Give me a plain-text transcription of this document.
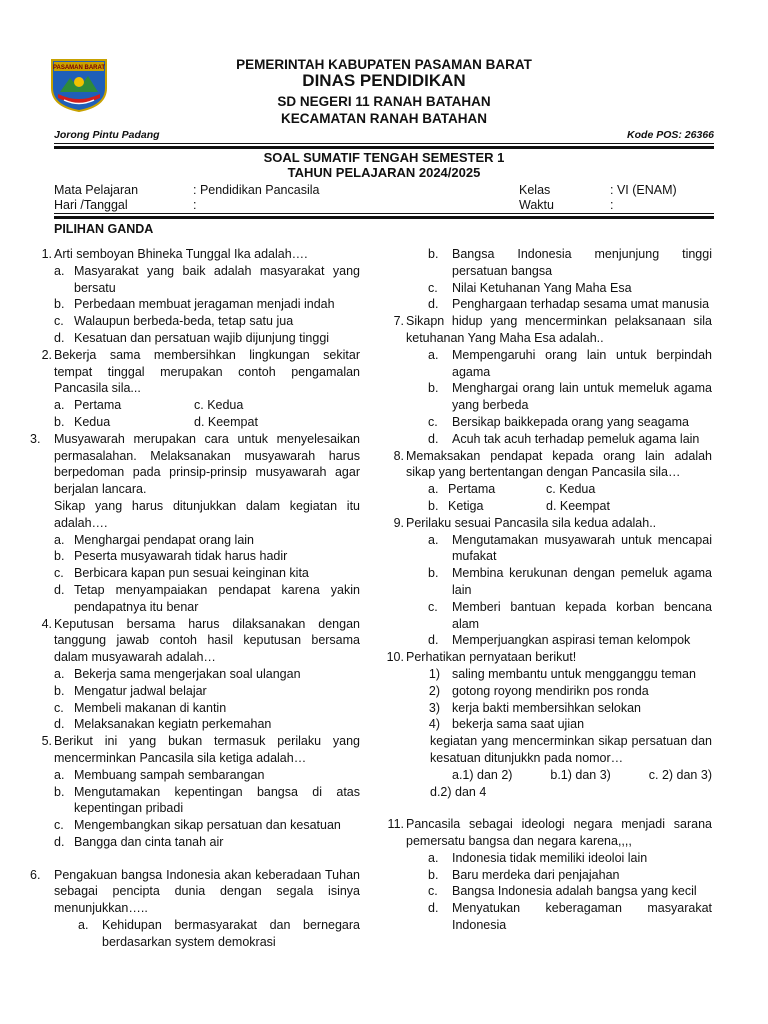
PASAMAN BARAT	PEMERINTAH KABUPATEN PASAMAN BARAT
DINAS PENDIDIKAN
SD NEGERI 11 RANAH BATAHAN
KECAMATAN RANAH BATAHAN
Jorong Pintu Padang	Kode POS: 26366
SOAL SUMATIF TENGAH SEMESTER 1
TAHUN PELAJARAN 2024/2025
Mata Pelajaran	: Pendidikan Pancasila
Hari /Tanggal	:
Kelas	: VI (ENAM)
Waktu	:
PILIHAN GANDA
1. Arti semboyan Bhineka Tunggal Ika adalah….
a. Masyarakat yang baik adalah masyarakat yang bersatu
b. Perbedaan membuat jeragaman menjadi indah
c. Walaupun berbeda-beda, tetap satu jua
d. Kesatuan dan persatuan wajib dijunjung tinggi
2. Bekerja sama membersihkan lingkungan sekitar tempat tinggal merupakan contoh pengamalan Pancasila sila...
a. Pertama	c. Kedua
b. Kedua	d. Keempat
3.	Musyawarah merupakan cara untuk menyelesaikan permasalahan. Melaksanakan musyawarah harus berpedoman pada prinsip-prinsip musyawarah agar berjalan lancara.
Sikap yang harus ditunjukkan dalam kegiatan itu adalah….
a. Menghargai pendapat orang lain
b. Peserta musyawarah tidak harus hadir
c. Berbicara kapan pun sesuai keinginan kita
d. Tetap menyampaiakan pendapat karena yakin pendapatnya itu benar
4. Keputusan bersama harus dilaksanakan dengan tanggung jawab contoh hasil keputusan bersama dalam musyawarah adalah…
a. Bekerja sama mengerjakan soal ulangan
b. Mengatur jadwal belajar
c. Membeli makanan di kantin
d. Melaksanakan kegiatn perkemahan
5. Berikut ini yang bukan termasuk perilaku yang mencerminkan Pancasila sila ketiga adalah…
a. Membuang sampah sembarangan
b. Mengutamakan kepentingan bangsa di atas kepentingan pribadi
c. Mengembangkan sikap persatuan dan kesatuan
d. Bangga dan cinta tanah air
6.	Pengakuan bangsa Indonesia akan keberadaan Tuhan sebagai pencipta dunia dengan segala isinya menunjukkan…..
a. Kehidupan bermasyarakat dan bernegara berdasarkan system demokrasi
b. Bangsa Indonesia menjunjung tinggi persatuan bangsa
c. Nilai Ketuhanan Yang Maha Esa
d. Penghargaan terhadap sesama umat manusia
7. Sikapn hidup yang mencerminkan pelaksanaan sila ketuhanan Yang Maha Esa adalah..
a. Mempengaruhi orang lain untuk berpindah agama
b. Menghargai orang lain untuk memeluk agama yang berbeda
c. Bersikap baikkepada orang yang seagama
d. Acuh tak acuh terhadap pemeluk agama lain
8. Memaksakan pendapat kepada orang lain adalah sikap yang bertentangan dengan Pancasila sila…
a. Pertama	c. Kedua
b. Ketiga	d. Keempat
9. Perilaku sesuai Pancasila sila kedua adalah..
a. Mengutamakan musyawarah untuk mencapai mufakat
b. Membina kerukunan dengan pemeluk agama lain
c. Memberi bantuan kepada korban bencana alam
d. Memperjuangkan aspirasi teman kelompok
10. Perhatikan pernyataan berikut!
1) saling membantu untuk mengganggu teman
2) gotong royong mendirikn pos ronda
3) kerja bakti membersihkan selokan
4) bekerja sama saat ujian
kegiatan yang mencerminkan sikap persatuan dan kesatuan ditunjukkn pada nomor…
a.1) dan 2)	b.1) dan 3)	c. 2) dan 3)
d.2) dan 4
11. Pancasila sebagai ideologi negara menjadi sarana pemersatu bangsa dan negara karena,,,,
a. Indonesia tidak memiliki ideoloi lain
b. Baru merdeka dari penjajahan
c. Bangsa Indonesia adalah bangsa yang kecil
d. Menyatukan keberagaman masyarakat Indonesia
